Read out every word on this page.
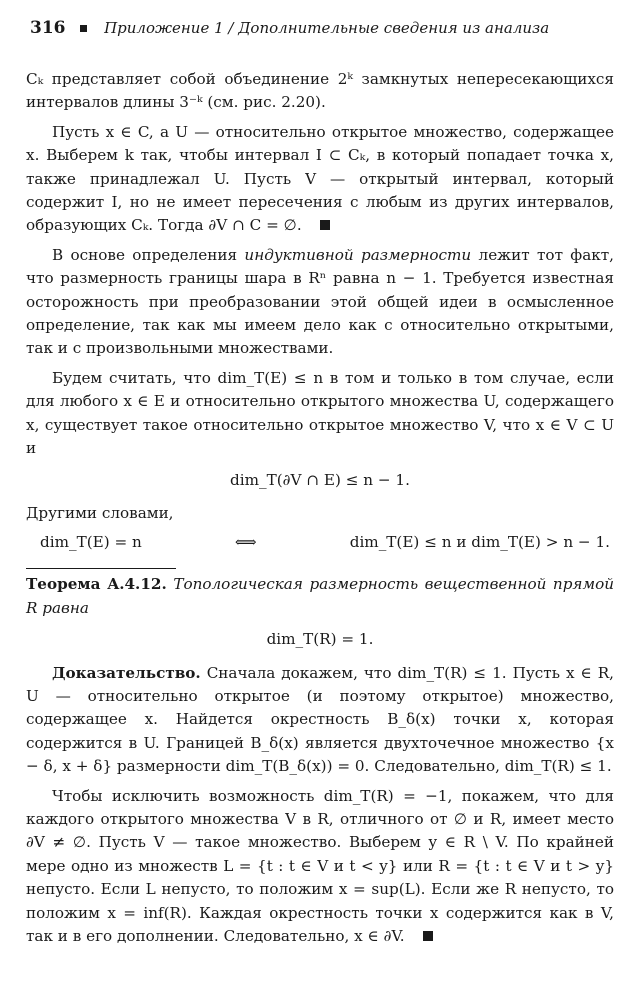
316	Приложение 1 / Дополнительные сведения из анализа

Cₖ представляет собой объединение 2ᵏ замкнутых непересекающихся интервалов длины 3⁻ᵏ (см. рис. 2.20).

Пусть x ∈ C, а U — относительно открытое множество, содержащее x. Выберем k так, чтобы интервал I ⊂ Cₖ, в который попадает точка x, также принадлежал U. Пусть V — открытый интервал, который содержит I, но не имеет пересечения с любым из других интервалов, образующих Cₖ. Тогда ∂V ∩ C = ∅.

В основе определения индуктивной размерности лежит тот факт, что размерность границы шара в Rⁿ равна n − 1. Требуется известная осторожность при преобразовании этой общей идеи в осмысленное определение, так как мы имеем дело как с относительно открытыми, так и с произвольными множествами.

Будем считать, что dim_T(E) ≤ n в том и только в том случае, если для любого x ∈ E и относительно открытого множества U, содержащего x, существует такое относительно открытое множество V, что x ∈ V ⊂ U и

dim_T(∂V ∩ E) ≤ n − 1.

Другими словами,

dim_T(E) = n	⟺	dim_T(E) ≤ n и dim_T(E) > n − 1.
Теорема A.4.12. Топологическая размерность вещественной прямой R равна
dim_T(R) = 1.

Доказательство. Сначала докажем, что dim_T(R) ≤ 1. Пусть x ∈ R, U — относительно открытое (и поэтому открытое) множество, содержащее x. Найдется окрестность B_δ(x) точки x, которая содержится в U. Границей B_δ(x) является двухточечное множество {x − δ, x + δ} размерности dim_T(B_δ(x)) = 0. Следовательно, dim_T(R) ≤ 1.

Чтобы исключить возможность dim_T(R) = −1, покажем, что для каждого открытого множества V в R, отличного от ∅ и R, имеет место ∂V ≠ ∅. Пусть V — такое множество. Выберем y ∈ R \ V. По крайней мере одно из множеств L = {t : t ∈ V и t < y} или R = {t : t ∈ V и t > y} непусто. Если L непусто, то положим x = sup(L). Если же R непусто, то положим x = inf(R). Каждая окрестность точки x содержится как в V, так и в его дополнении. Следовательно, x ∈ ∂V.
